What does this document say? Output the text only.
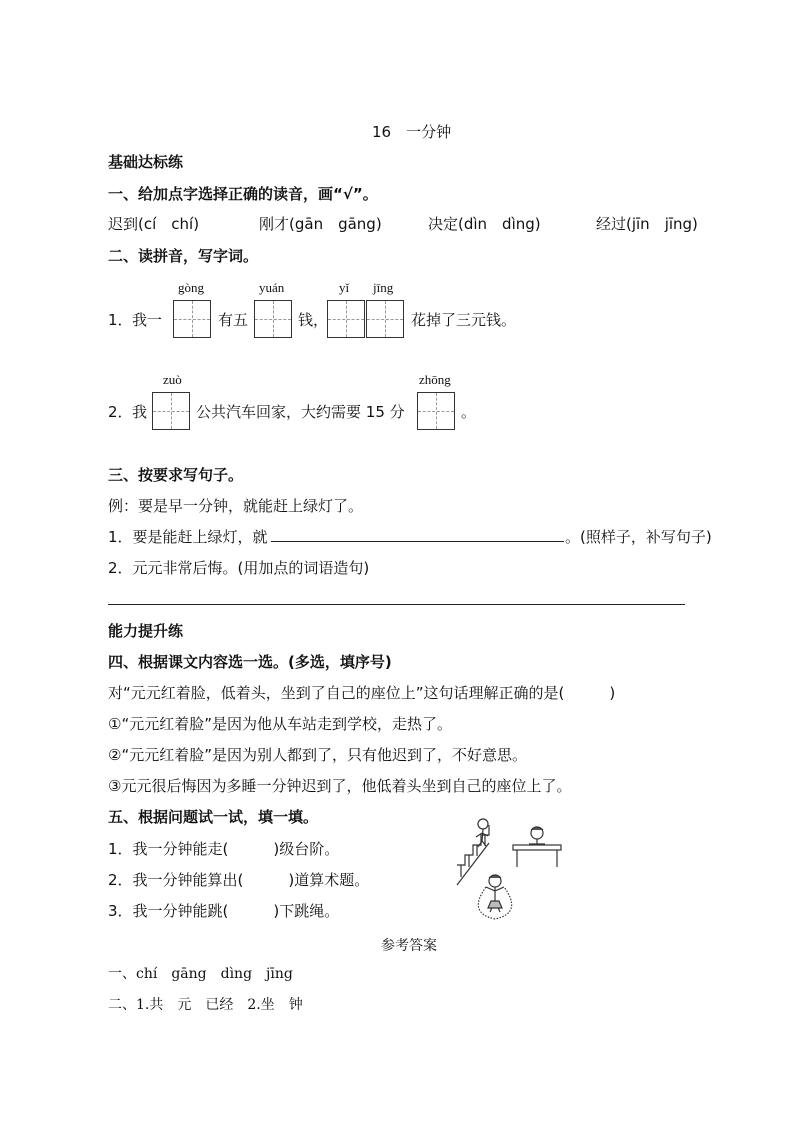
16　一分钟
基础达标练
一、给加点字选择正确的读音，画“√”。
迟到(cí　chí)	刚才(gān　gāng)	决定(dìn　dìng)	经过(jīn　jīng)
二、读拼音，写字词。
gòng	yuán	yǐ jīng
1． 我一	有五	钱，	花掉了三元钱。
zuò	zhōng
2． 我	公共汽车回家，大约需要 15 分	。
三、按要求写句子。
例：要是早一分钟，就能赶上绿灯了。
1．要是能赶上绿灯，就	。(照样子，补写句子)
2．元元非常后悔。(用加点的词语造句)
能力提升练
四、根据课文内容选一选。(多选，填序号)
对“元元红着脸，低着头，坐到了自己的座位上”这句话理解正确的是(　　　)
①“元元红着脸”是因为他从车站走到学校，走热了。
②“元元红着脸”是因为别人都到了，只有他迟到了，不好意思。
③元元很后悔因为多睡一分钟迟到了，他低着头坐到自己的座位上了。
五、根据问题试一试，填一填。
1．我一分钟能走(　　　)级台阶。
2．我一分钟能算出(　　　)道算术题。
3．我一分钟能跳(　　　)下跳绳。
参考答案
一、chí　gāng　dìng　jīng
二、1.共　元　已经　2.坐　钟
